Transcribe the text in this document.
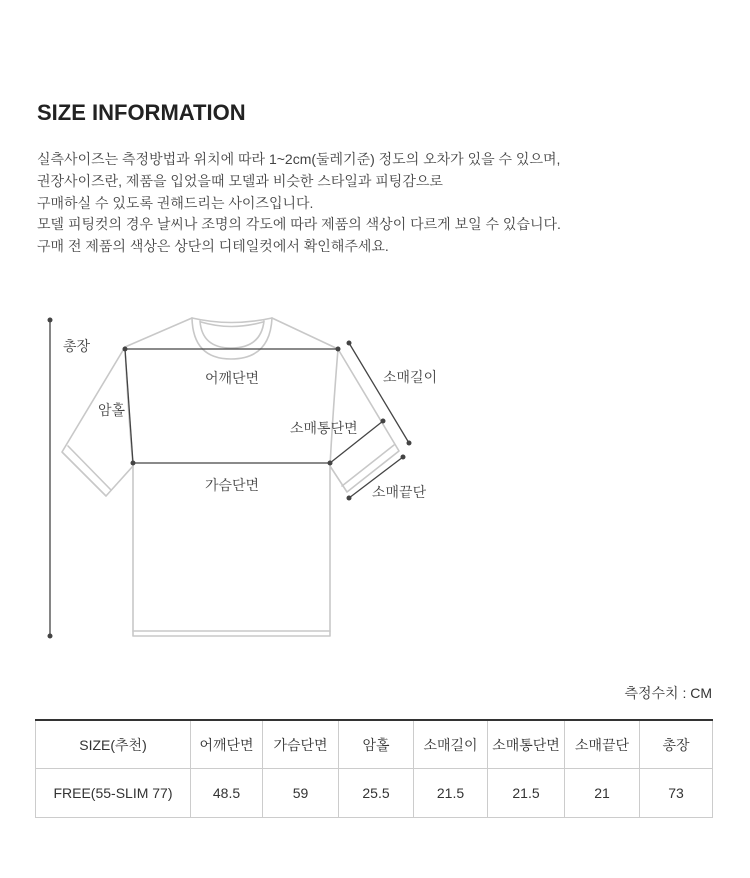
SIZE INFORMATION
실측사이즈는 측정방법과 위치에 따라 1~2cm(둘레기준) 정도의 오차가 있을 수 있으며,
권장사이즈란, 제품을 입었을때 모델과 비슷한 스타일과 피팅감으로
구매하실 수 있도록 권해드리는 사이즈입니다.
모델 피팅컷의 경우 날씨나 조명의 각도에 따라 제품의 색상이 다르게 보일 수 있습니다.
구매 전 제품의 색상은 상단의 디테일컷에서 확인해주세요.
총장
어깨단면
암홀
가슴단면
소매길이
소매통단면
소매끝단
측정수치 : CM
SIZE(추천)	어깨단면	가슴단면	암홀	소매길이	소매통단면	소매끝단	총장
FREE(55-SLIM 77)	48.5	59	25.5	21.5	21.5	21	73
